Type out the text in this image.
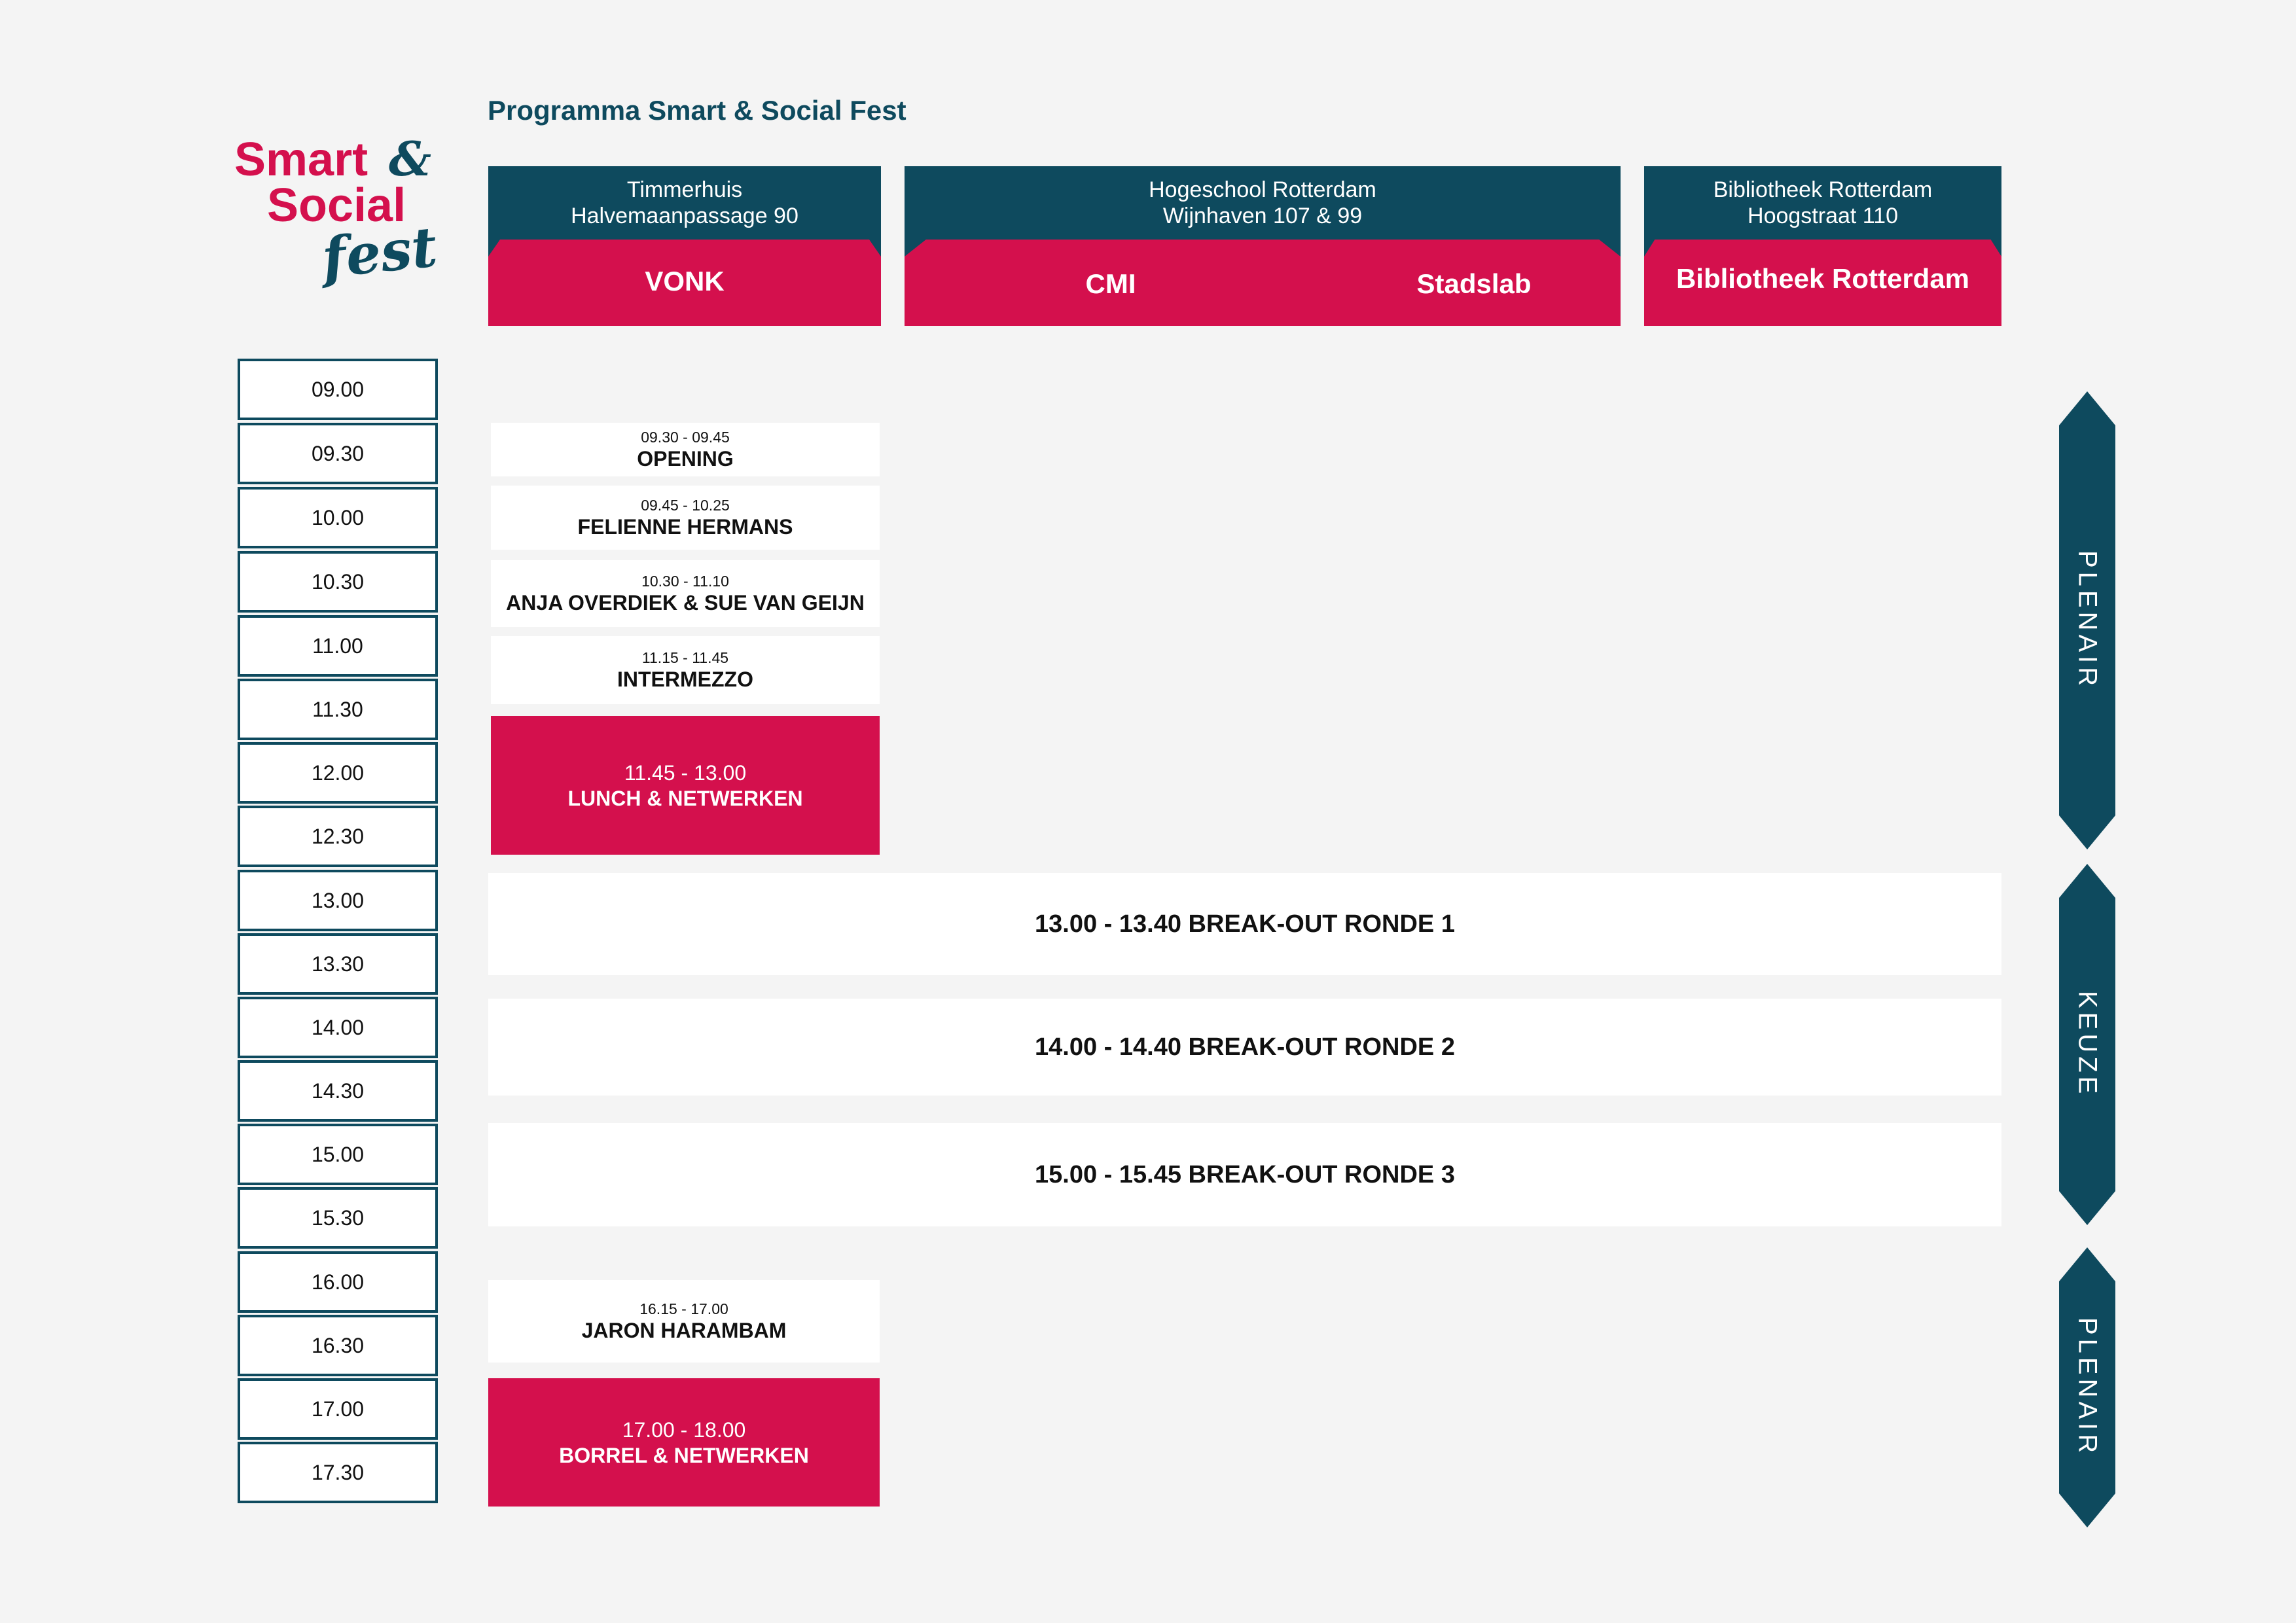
Smart &
Social
fest
Programma Smart & Social Fest
Timmerhuis
Halvemaanpassage 90
VONK
Hogeschool Rotterdam
Wijnhaven 107 & 99
CMI	Stadslab
Bibliotheek Rotterdam
Hoogstraat 110
Bibliotheek Rotterdam
09.00
09.30
10.00
10.30
11.00
11.30
12.00
12.30
13.00
13.30
14.00
14.30
15.00
15.30
16.00
16.30
17.00
17.30
09.30 - 09.45
OPENING
09.45 - 10.25
FELIENNE HERMANS
10.30 - 11.10
ANJA OVERDIEK & SUE VAN GEIJN
11.15 - 11.45
INTERMEZZO
11.45 - 13.00
LUNCH & NETWERKEN
13.00 - 13.40 BREAK-OUT RONDE 1
14.00 - 14.40 BREAK-OUT RONDE 2
15.00 - 15.45 BREAK-OUT RONDE 3
16.15 - 17.00
JARON HARAMBAM
17.00 - 18.00
BORREL & NETWERKEN
PLENAIR
KEUZE
PLENAIR
